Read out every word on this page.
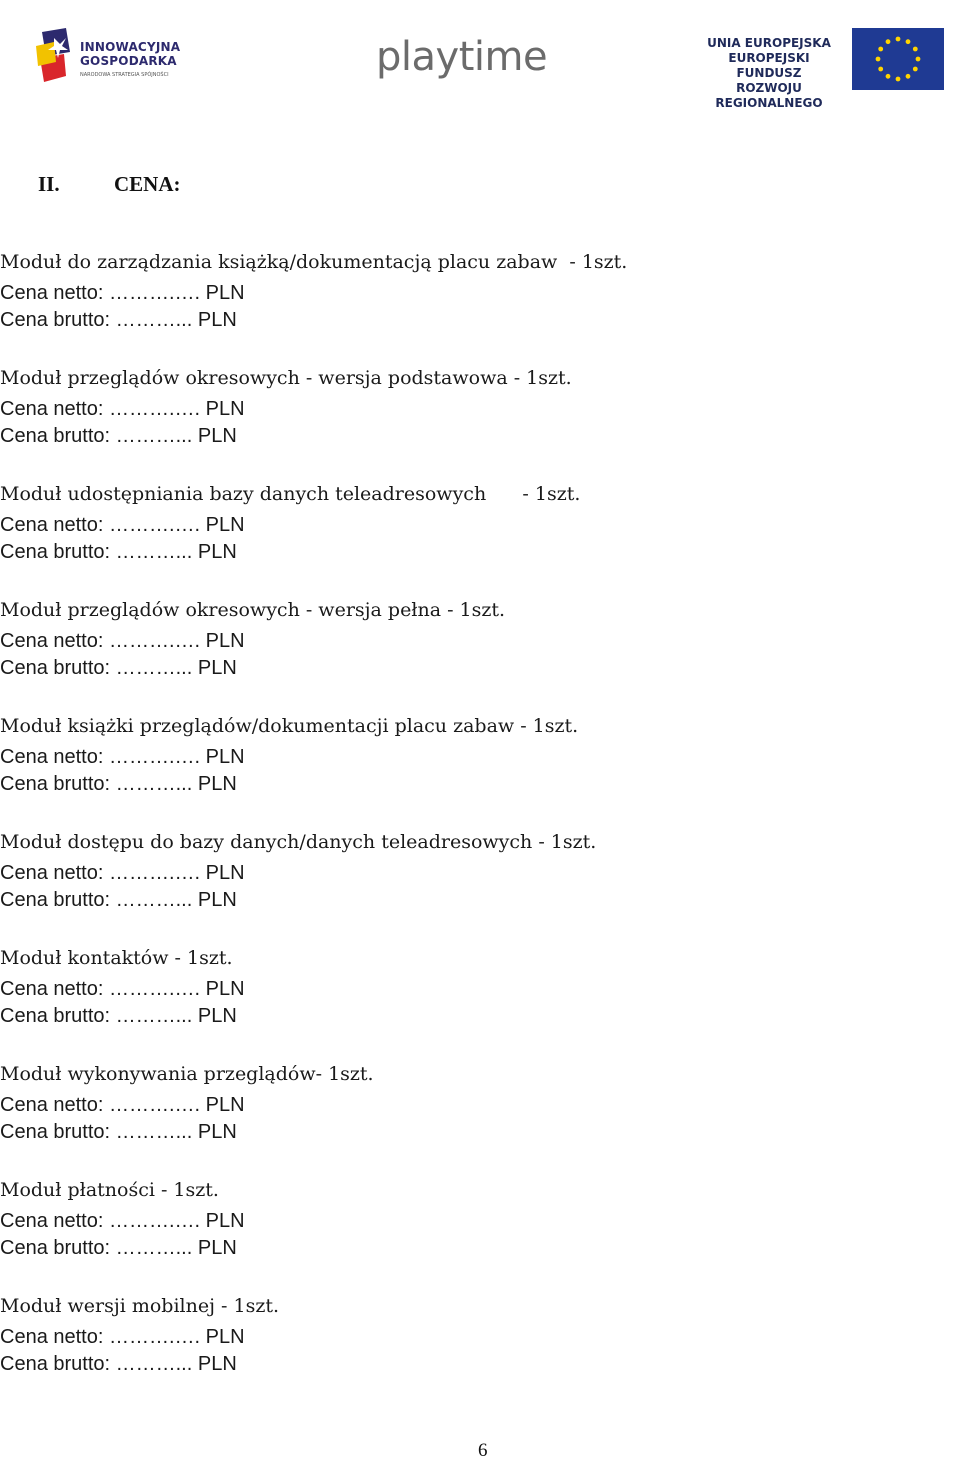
INNOWACYJNA
GOSPODARKA
NARODOWA STRATEGIA SPÓJNOŚCI	playtime	UNIA EUROPEJSKA
EUROPEJSKI FUNDUSZ
ROZWOJU REGIONALNEGO
II.	CENA:
Moduł do zarządzania książką/dokumentacją placu zabaw  - 1szt.
Cena netto: ……….…. PLN
Cena brutto: ………... PLN
Moduł przeglądów okresowych - wersja podstawowa - 1szt.
Cena netto: ……….…. PLN
Cena brutto: ………... PLN
Moduł udostępniania bazy danych teleadresowych      - 1szt.
Cena netto: ……….…. PLN
Cena brutto: ………... PLN
Moduł przeglądów okresowych - wersja pełna - 1szt.
Cena netto: ……….…. PLN
Cena brutto: ………... PLN
Moduł książki przeglądów/dokumentacji placu zabaw - 1szt.
Cena netto: ……….…. PLN
Cena brutto: ………... PLN
Moduł dostępu do bazy danych/danych teleadresowych - 1szt.
Cena netto: ……….…. PLN
Cena brutto: ………... PLN
Moduł kontaktów - 1szt.
Cena netto: ……….…. PLN
Cena brutto: ………... PLN
Moduł wykonywania przeglądów- 1szt.
Cena netto: ……….…. PLN
Cena brutto: ………... PLN
Moduł płatności - 1szt.
Cena netto: ……….…. PLN
Cena brutto: ………... PLN
Moduł wersji mobilnej - 1szt.
Cena netto: ……….…. PLN
Cena brutto: ………... PLN
6
